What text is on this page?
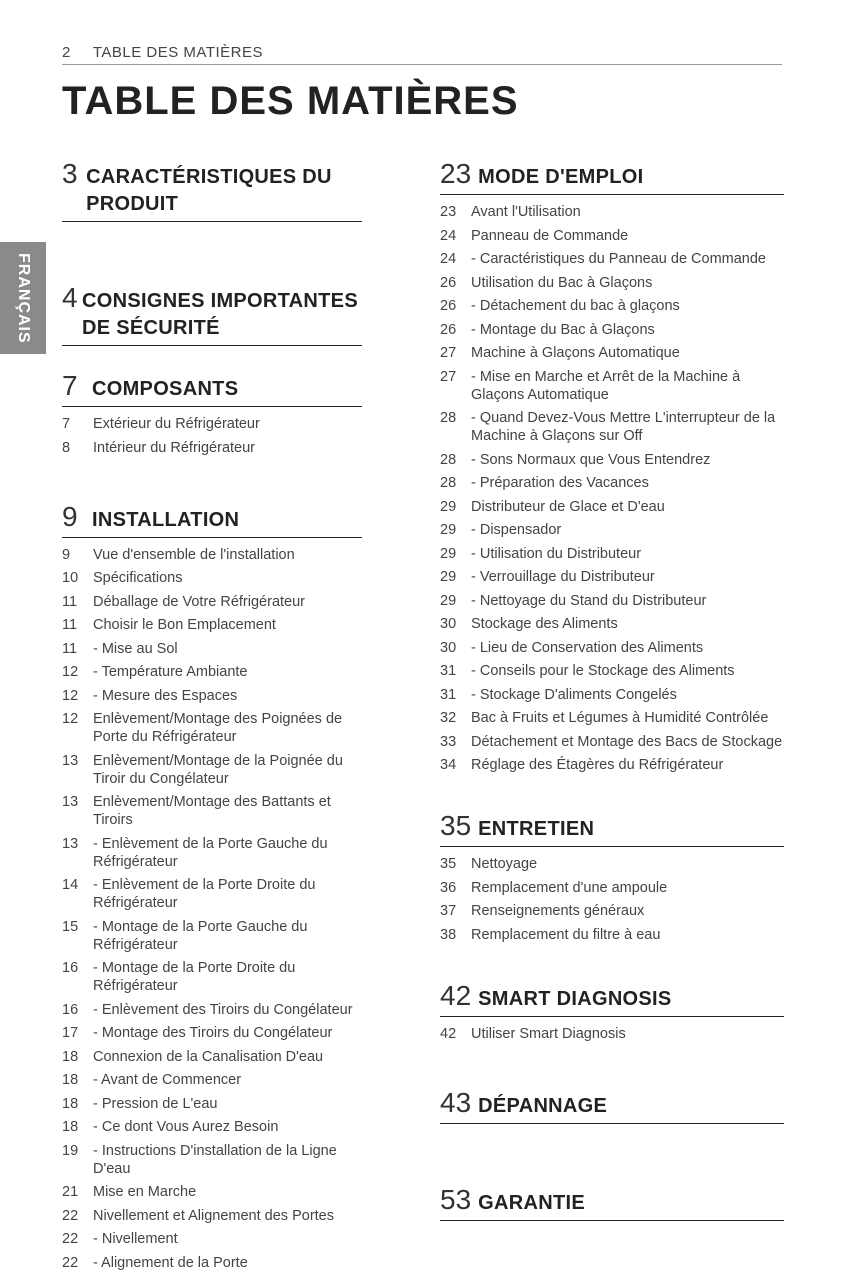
2 TABLE DES MATIÈRES
TABLE DES MATIÈRES
FRANÇAIS
3 CARACTÉRISTIQUES DU PRODUIT
4 CONSIGNES IMPORTANTES DE SÉCURITÉ
7 COMPOSANTS
7	Extérieur du Réfrigérateur
8	Intérieur du Réfrigérateur
9 INSTALLATION
9	Vue d'ensemble de l'installation
10	Spécifications
11	Déballage de Votre Réfrigérateur
11	Choisir le Bon Emplacement
11	- Mise au Sol
12	- Température Ambiante
12	- Mesure des Espaces
12	Enlèvement/Montage des Poignées de Porte du Réfrigérateur
13	Enlèvement/Montage de la Poignée du Tiroir du Congélateur
13	Enlèvement/Montage des Battants et Tiroirs
13	- Enlèvement de la Porte Gauche du Réfrigérateur
14	- Enlèvement de la Porte Droite du Réfrigérateur
15	- Montage de la Porte Gauche du Réfrigérateur
16	- Montage de la Porte Droite du Réfrigérateur
16	- Enlèvement des Tiroirs du Congélateur
17	- Montage des Tiroirs du Congélateur
18	Connexion de la Canalisation D'eau
18	- Avant de Commencer
18	- Pression de L'eau
18	- Ce dont Vous Aurez Besoin
19	- Instructions D'installation de la Ligne D'eau
21	Mise en Marche
22	Nivellement et Alignement des Portes
22	- Nivellement
22	- Alignement de la Porte
23 MODE D'EMPLOI
23	Avant l'Utilisation
24	Panneau de Commande
24	- Caractéristiques du Panneau de Commande
26	Utilisation du Bac à Glaçons
26	- Détachement du bac à glaçons
26	- Montage du Bac à Glaçons
27	Machine à Glaçons Automatique
27	- Mise en Marche et Arrêt de la Machine à Glaçons Automatique
28	- Quand Devez-Vous Mettre L'interrupteur de la Machine à Glaçons sur Off
28	- Sons Normaux que Vous Entendrez
28	- Préparation des Vacances
29	Distributeur de Glace et D'eau
29	- Dispensador
29	- Utilisation du Distributeur
29	- Verrouillage du Distributeur
29	- Nettoyage du Stand du Distributeur
30	Stockage des Aliments
30	- Lieu de Conservation des Aliments
31	- Conseils pour le Stockage des Aliments
31	- Stockage D'aliments Congelés
32	Bac à Fruits et Légumes à Humidité Contrôlée
33	Détachement et Montage des Bacs de Stockage
34	Réglage des Étagères du Réfrigérateur
35 ENTRETIEN
35	Nettoyage
36	Remplacement d'une ampoule
37	Renseignements généraux
38	Remplacement du filtre à eau
42 SMART DIAGNOSIS
42	Utiliser Smart Diagnosis
43 DÉPANNAGE
53 GARANTIE
